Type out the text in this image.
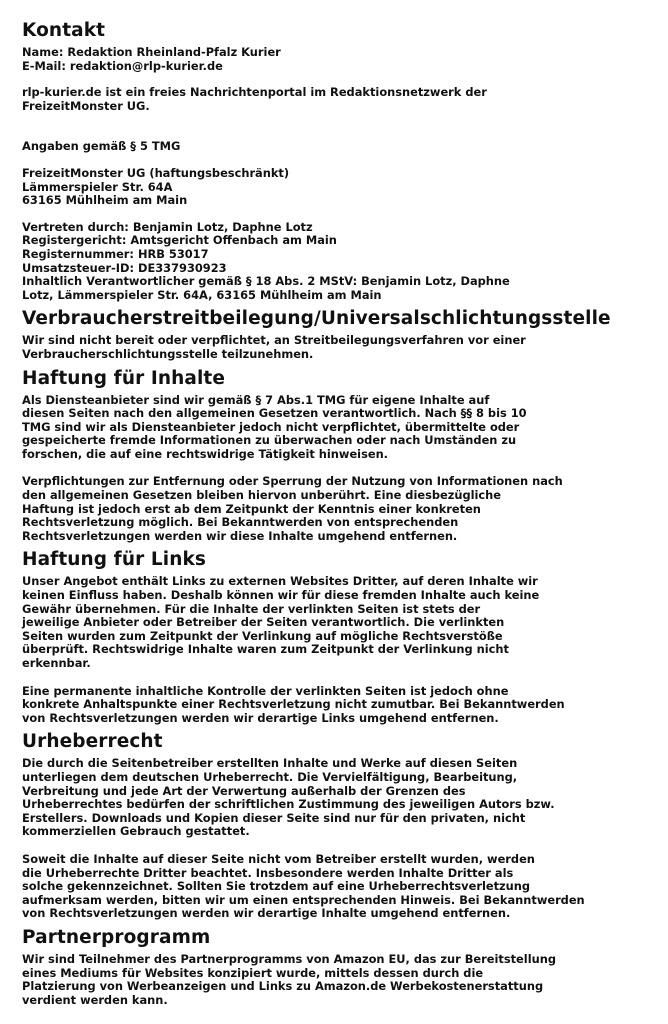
Kontakt

Name: Redaktion Rheinland-Pfalz Kurier

E-Mail: redaktion@rlp-kurier.de

rlp-kurier.de ist ein freies Nachrichtenportal im Redaktionsnetzwerk der
FreizeitMonster UG.

Angaben gemäß § 5 TMG

FreizeitMonster UG (haftungsbeschränkt)
Lämmerspieler Str. 64A
63165 Mühlheim am Main

Vertreten durch: Benjamin Lotz, Daphne Lotz
Registergericht: Amtsgericht Offenbach am Main
Registernummer: HRB 53017
Umsatzsteuer-ID: DE337930923
Inhaltlich Verantwortlicher gemäß § 18 Abs. 2 MStV: Benjamin Lotz, Daphne
Lotz, Lämmerspieler Str. 64A, 63165 Mühlheim am Main

Verbraucherstreitbeilegung/Universalschlichtungsstelle

Wir sind nicht bereit oder verpflichtet, an Streitbeilegungsverfahren vor einer
Verbraucherschlichtungsstelle teilzunehmen.

Haftung für Inhalte

Als Diensteanbieter sind wir gemäß § 7 Abs.1 TMG für eigene Inhalte auf
diesen Seiten nach den allgemeinen Gesetzen verantwortlich. Nach §§ 8 bis 10
TMG sind wir als Diensteanbieter jedoch nicht verpflichtet, übermittelte oder
gespeicherte fremde Informationen zu überwachen oder nach Umständen zu
forschen, die auf eine rechtswidrige Tätigkeit hinweisen.

Verpflichtungen zur Entfernung oder Sperrung der Nutzung von Informationen nach
den allgemeinen Gesetzen bleiben hiervon unberührt. Eine diesbezügliche
Haftung ist jedoch erst ab dem Zeitpunkt der Kenntnis einer konkreten
Rechtsverletzung möglich. Bei Bekanntwerden von entsprechenden
Rechtsverletzungen werden wir diese Inhalte umgehend entfernen.

Haftung für Links

Unser Angebot enthält Links zu externen Websites Dritter, auf deren Inhalte wir
keinen Einfluss haben. Deshalb können wir für diese fremden Inhalte auch keine
Gewähr übernehmen. Für die Inhalte der verlinkten Seiten ist stets der
jeweilige Anbieter oder Betreiber der Seiten verantwortlich. Die verlinkten
Seiten wurden zum Zeitpunkt der Verlinkung auf mögliche Rechtsverstöße
überprüft. Rechtswidrige Inhalte waren zum Zeitpunkt der Verlinkung nicht
erkennbar.

Eine permanente inhaltliche Kontrolle der verlinkten Seiten ist jedoch ohne
konkrete Anhaltspunkte einer Rechtsverletzung nicht zumutbar. Bei Bekanntwerden
von Rechtsverletzungen werden wir derartige Links umgehend entfernen.

Urheberrecht

Die durch die Seitenbetreiber erstellten Inhalte und Werke auf diesen Seiten
unterliegen dem deutschen Urheberrecht. Die Vervielfältigung, Bearbeitung,
Verbreitung und jede Art der Verwertung außerhalb der Grenzen des
Urheberrechtes bedürfen der schriftlichen Zustimmung des jeweiligen Autors bzw.
Erstellers. Downloads und Kopien dieser Seite sind nur für den privaten, nicht
kommerziellen Gebrauch gestattet.

Soweit die Inhalte auf dieser Seite nicht vom Betreiber erstellt wurden, werden
die Urheberrechte Dritter beachtet. Insbesondere werden Inhalte Dritter als
solche gekennzeichnet. Sollten Sie trotzdem auf eine Urheberrechtsverletzung
aufmerksam werden, bitten wir um einen entsprechenden Hinweis. Bei Bekanntwerden
von Rechtsverletzungen werden wir derartige Inhalte umgehend entfernen.

Partnerprogramm

Wir sind Teilnehmer des Partnerprogramms von Amazon EU, das zur Bereitstellung
eines Mediums für Websites konzipiert wurde, mittels dessen durch die
Platzierung von Werbeanzeigen und Links zu Amazon.de Werbekostenerstattung
verdient werden kann.
